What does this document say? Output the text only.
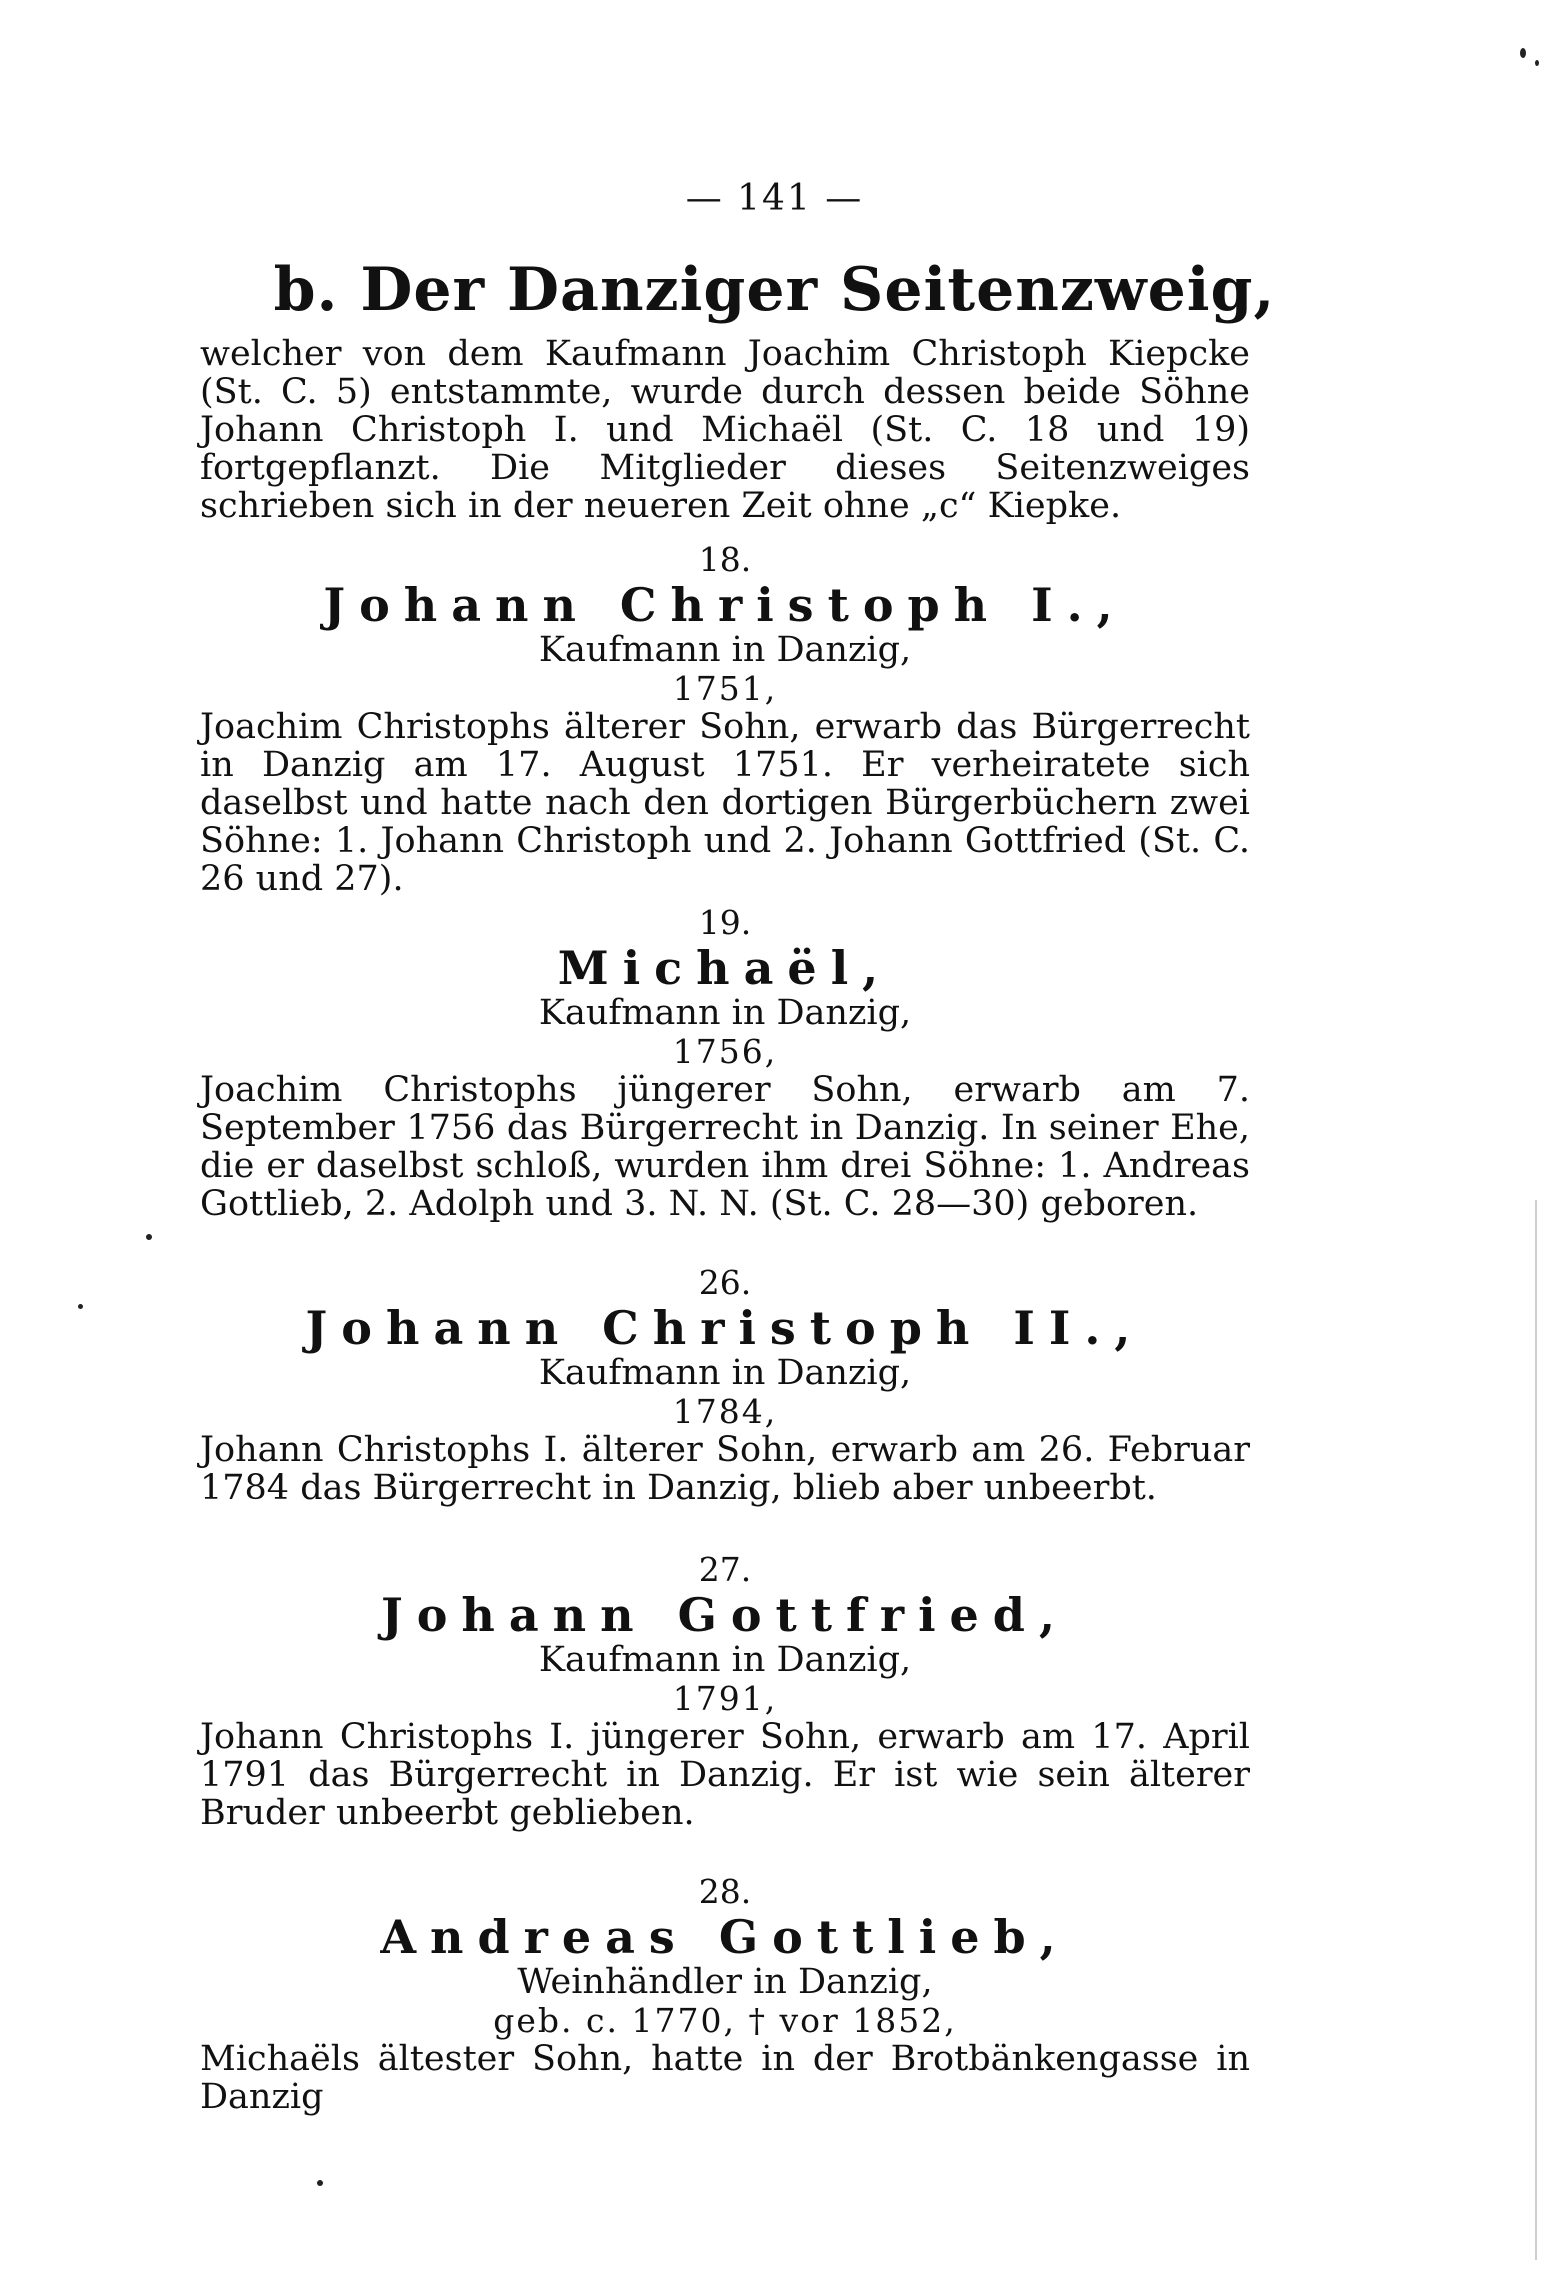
— 141 —
b. Der Danziger Seitenzweig,

welcher von dem Kaufmann Joachim Christoph Kiepcke (St. C. 5) entstammte, wurde durch dessen beide Söhne Johann Christoph I. und Michaël (St. C. 18 und 19) fortgepflanzt. Die Mitglieder dieses Seitenzweiges schrieben sich in der neueren Zeit ohne „c“ Kiepke.

18.

Johann Christoph I.,

Kaufmann in Danzig,

1751,

Joachim Christophs älterer Sohn, erwarb das Bürgerrecht in Danzig am 17. August 1751. Er verheiratete sich daselbst und hatte nach den dortigen Bürgerbüchern zwei Söhne: 1. Johann Christoph und 2. Johann Gottfried (St. C. 26 und 27).

19.

Michaël,

Kaufmann in Danzig,

1756,

Joachim Christophs jüngerer Sohn, erwarb am 7. September 1756 das Bürgerrecht in Danzig. In seiner Ehe, die er daselbst schloß, wurden ihm drei Söhne: 1. Andreas Gottlieb, 2. Adolph und 3. N. N. (St. C. 28—30) geboren.

26.

Johann Christoph II.,

Kaufmann in Danzig,

1784,

Johann Christophs I. älterer Sohn, erwarb am 26. Februar 1784 das Bürgerrecht in Danzig, blieb aber unbeerbt.

27.

Johann Gottfried,

Kaufmann in Danzig,

1791,

Johann Christophs I. jüngerer Sohn, erwarb am 17. April 1791 das Bürgerrecht in Danzig. Er ist wie sein älterer Bruder unbeerbt geblieben.

28.

Andreas Gottlieb,

Weinhändler in Danzig,

geb. c. 1770, † vor 1852,

Michaëls ältester Sohn, hatte in der Brotbänkengasse in Danzig
